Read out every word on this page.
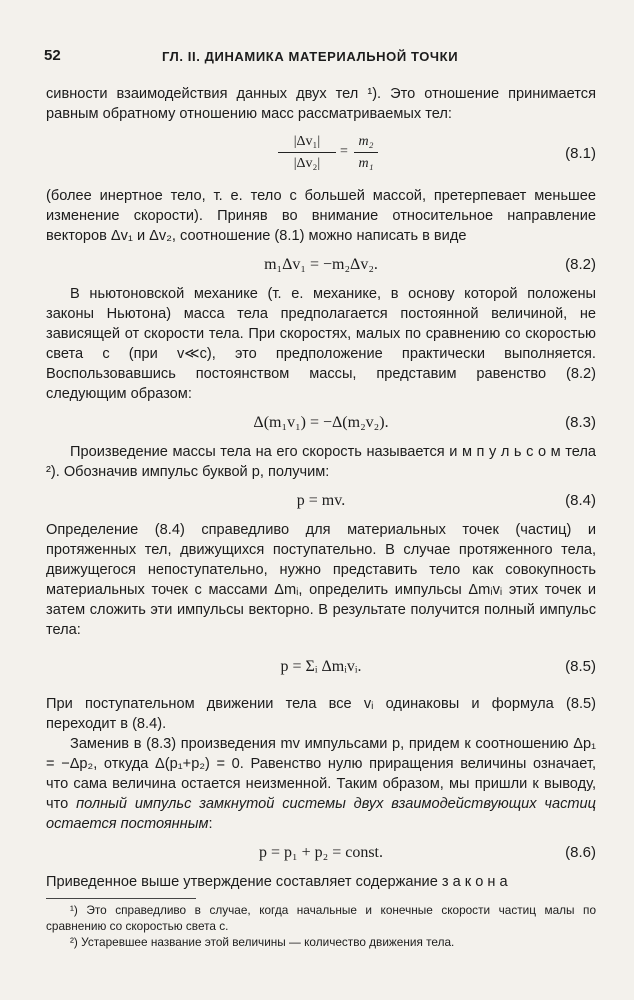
52	ГЛ. II. ДИНАМИКА МАТЕРИАЛЬНОЙ ТОЧКИ

сивности взаимодействия данных двух тел ¹). Это отношение принимается равным обратному отношению масс рассматриваемых тел:

|Δv₁|
|Δv₂|
=
m₂
m₁
(8.1)

(более инертное тело, т. е. тело с большей массой, претерпевает меньшее изменение скорости). Приняв во внимание относительное направление векторов Δv₁ и Δv₂, соотношение (8.1) можно написать в виде

m₁Δv₁ = −m₂Δv₂.	(8.2)

В ньютоновской механике (т. е. механике, в основу которой положены законы Ньютона) масса тела предполагается постоянной величиной, не зависящей от скорости тела. При скоростях, малых по сравнению со скоростью света c (при v≪c), это предположение практически выполняется. Воспользовавшись постоянством массы, представим равенство (8.2) следующим образом:

Δ(m₁v₁) = −Δ(m₂v₂).	(8.3)

Произведение массы тела на его скорость называется и м п у л ь с о м тела ²). Обозначив импульс буквой p, получим:

p = mv.	(8.4)

Определение (8.4) справедливо для материальных точек (частиц) и протяженных тел, движущихся поступательно. В случае протяженного тела, движущегося непоступательно, нужно представить тело как совокупность материальных точек с массами Δmᵢ, определить импульсы Δmᵢvᵢ этих точек и затем сложить эти импульсы векторно. В результате получится полный импульс тела:

p = Σᵢ Δmᵢvᵢ.	(8.5)

При поступательном движении тела все vᵢ одинаковы и формула (8.5) переходит в (8.4).

Заменив в (8.3) произведения mv импульсами p, придем к соотношению Δp₁ = −Δp₂, откуда Δ(p₁+p₂) = 0. Равенство нулю приращения величины означает, что сама величина остается неизменной. Таким образом, мы пришли к выводу, что полный импульс замкнутой системы двух взаимодействующих частиц остается постоянным:

p = p₁ + p₂ = const.	(8.6)

Приведенное выше утверждение составляет содержание з а к о н а

¹) Это справедливо в случае, когда начальные и конечные скорости частиц малы по сравнению со скоростью света c.

²) Устаревшее название этой величины — количество движения тела.
